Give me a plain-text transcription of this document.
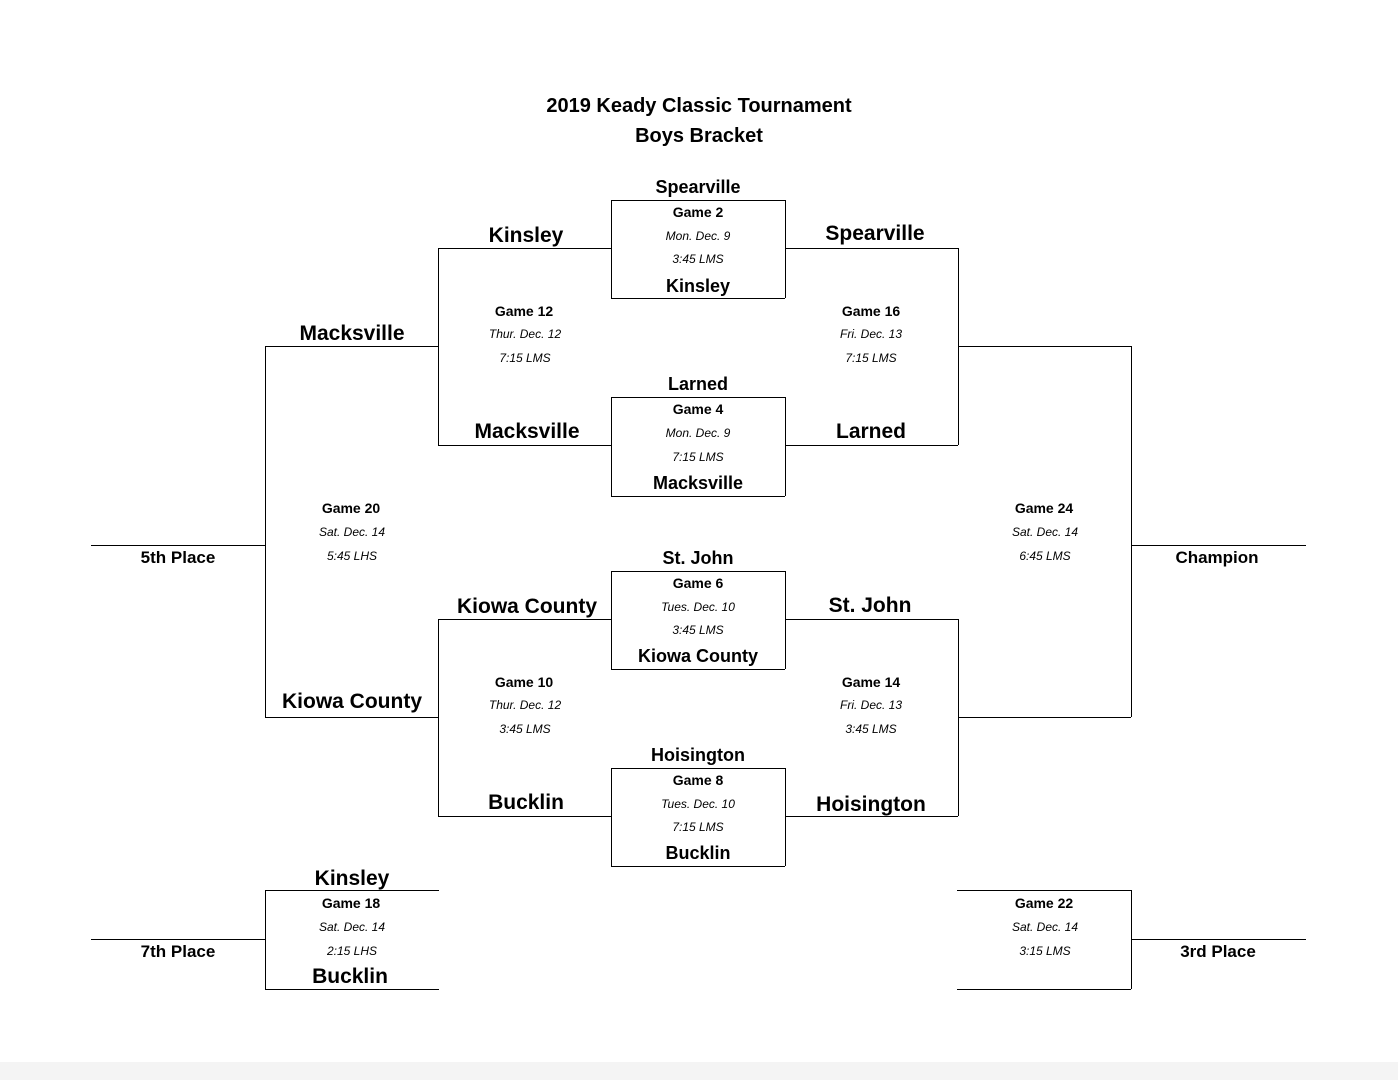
2019 Keady Classic Tournament
Boys Bracket
Spearville
Game 2
Mon. Dec. 9
3:45 LMS
Kinsley
Larned
Game 4
Mon. Dec. 9
7:15 LMS
Macksville
St. John
Game 6
Tues. Dec. 10
3:45 LMS
Kiowa County
Hoisington
Game 8
Tues. Dec. 10
7:15 LMS
Bucklin
Kinsley
Game 12
Thur. Dec. 12
7:15 LMS
Macksville
Kiowa County
Game 10
Thur. Dec. 12
3:45 LMS
Bucklin
Spearville
Game 16
Fri. Dec. 13
7:15 LMS
Larned
St. John
Game 14
Fri. Dec. 13
3:45 LMS
Hoisington
Macksville
Game 20
Sat. Dec. 14
5:45 LHS
Kiowa County
5th Place
Game 24
Sat. Dec. 14
6:45 LMS	Champion
Kinsley
Game 18
Sat. Dec. 14
2:15 LHS
Bucklin
7th Place
Game 22
Sat. Dec. 14
3:15 LMS	3rd Place
